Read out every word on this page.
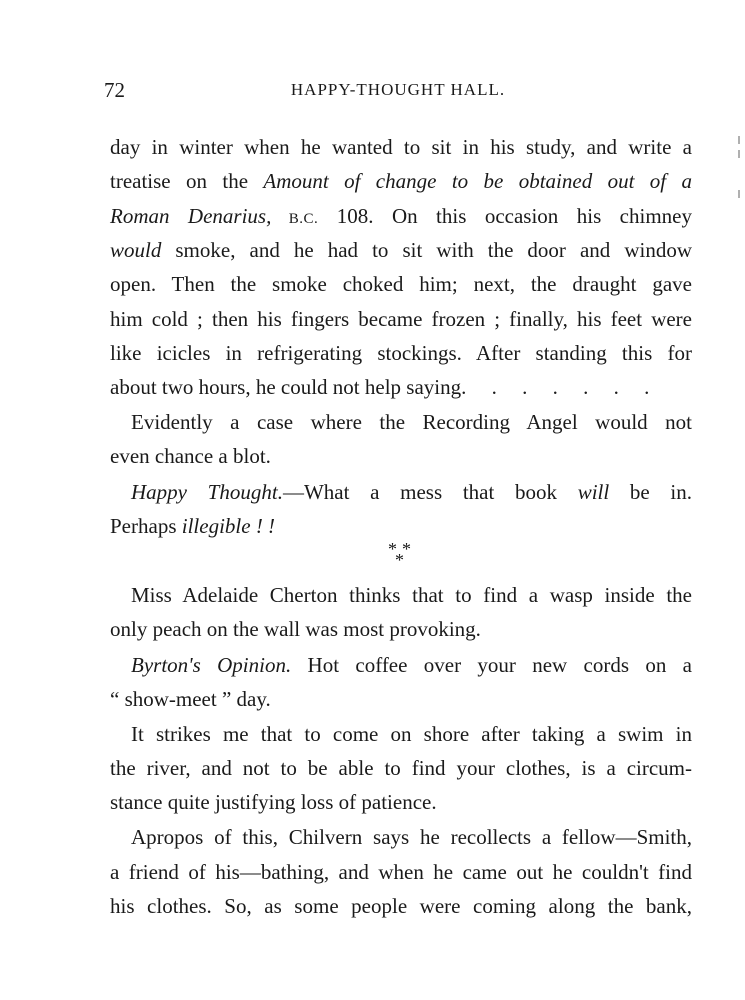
72	HAPPY-THOUGHT HALL.
day in winter when he wanted to sit in his study, and write a
treatise on the Amount of change to be obtained out of a
Roman Denarius, B.C. 108. On this occasion his chimney
would smoke, and he had to sit with the door and window
open. Then the smoke choked him; next, the draught gave
him cold ; then his fingers became frozen ; finally, his feet were
like icicles in refrigerating stockings. After standing this for
about two hours, he could not help saying. . . . . . .
Evidently a case where the Recording Angel would not
even chance a blot.
Happy Thought.—What a mess that book will be in.
Perhaps illegible ! !
* *
*
Miss Adelaide Cherton thinks that to find a wasp inside the
only peach on the wall was most provoking.
Byrton's Opinion. Hot coffee over your new cords on a
“ show-meet ” day.
It strikes me that to come on shore after taking a swim in
the river, and not to be able to find your clothes, is a circum-
stance quite justifying loss of patience.
Apropos of this, Chilvern says he recollects a fellow—Smith,
a friend of his—bathing, and when he came out he couldn't find
his clothes. So, as some people were coming along the bank,
